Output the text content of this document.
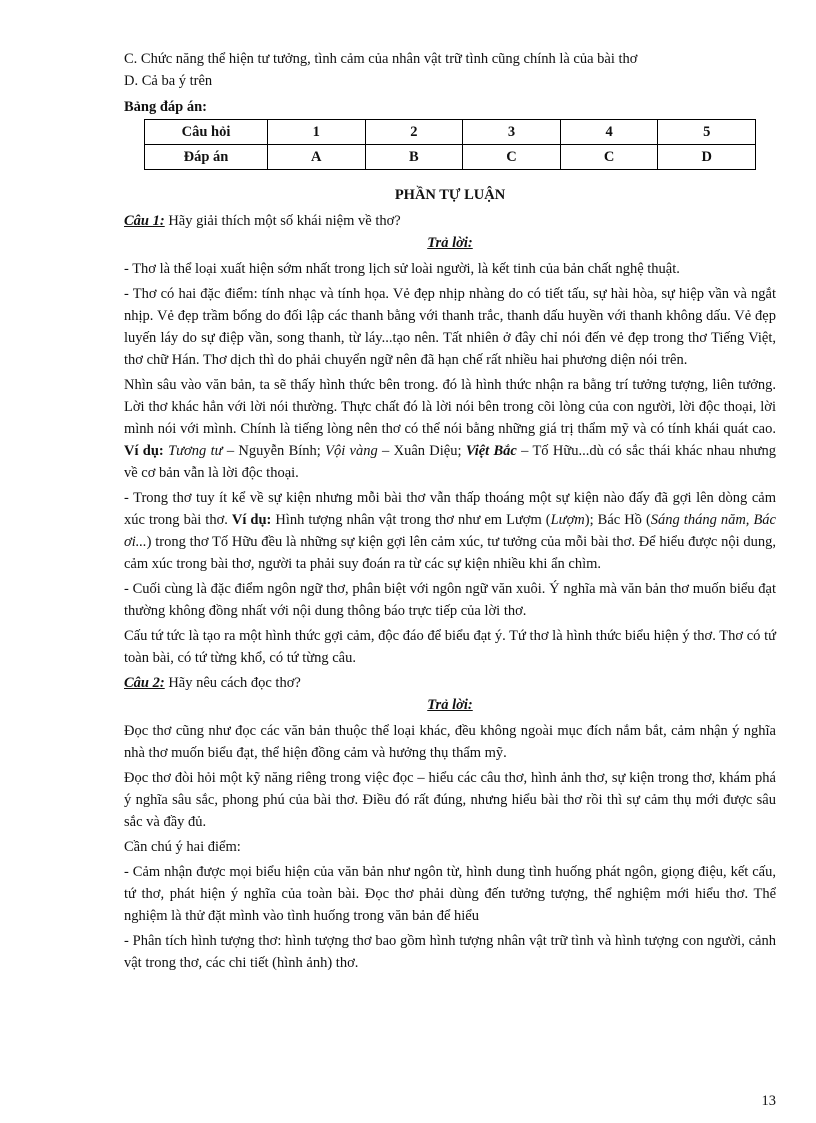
C. Chức năng thể hiện tư tưởng, tình cảm của nhân vật trữ tình cũng chính là của bài thơ

D. Cả ba ý trên

Bảng đáp án:

Câu hỏi	1	2	3	4	5
Đáp án	A	B	C	C	D
PHẦN TỰ LUẬN

Câu 1: Hãy giải thích một số khái niệm về thơ?

Trả lời:

- Thơ là thể loại xuất hiện sớm nhất trong lịch sử loài người, là kết tinh của bản chất nghệ thuật.

- Thơ có hai đặc điểm: tính nhạc và tính họa. Vẻ đẹp nhịp nhàng do có tiết tấu, sự hài hòa, sự hiệp vần và ngắt nhịp. Vẻ đẹp trầm bổng do đối lập các thanh bằng với thanh trắc, thanh dấu huyền với thanh không dấu. Vẻ đẹp luyến láy do sự điệp vần, song thanh, từ láy...tạo nên. Tất nhiên ở đây chỉ nói đến vẻ đẹp trong thơ Tiếng Việt, thơ chữ Hán. Thơ dịch thì do phải chuyển ngữ nên đã hạn chế rất nhiều hai phương diện nói trên.

Nhìn sâu vào văn bản, ta sẽ thấy hình thức bên trong. đó là hình thức nhận ra bằng trí tưởng tượng, liên tưởng. Lời thơ khác hẳn với lời nói thường. Thực chất đó là lời nói bên trong cõi lòng của con người, lời độc thoại, lời mình nói với mình. Chính là tiếng lòng nên thơ có thể nói bằng những giá trị thẩm mỹ và có tính khái quát cao. Ví dụ: Tương tư – Nguyễn Bính; Vội vàng – Xuân Diệu; Việt Bắc – Tố Hữu...dù có sắc thái khác nhau nhưng về cơ bản vẫn là lời độc thoại.

- Trong thơ tuy ít kể về sự kiện nhưng mỗi bài thơ vẫn thấp thoáng một sự kiện nào đấy đã gợi lên dòng cảm xúc trong bài thơ. Ví dụ: Hình tượng nhân vật trong thơ như em Lượm (Lượm); Bác Hồ (Sáng tháng năm, Bác ơi...) trong thơ Tố Hữu đều là những sự kiện gợi lên cảm xúc, tư tưởng của mỗi bài thơ. Để hiểu được nội dung, cảm xúc trong bài thơ, người ta phải suy đoán ra từ các sự kiện nhiều khi ẩn chìm.

- Cuối cùng là đặc điểm ngôn ngữ thơ, phân biệt với ngôn ngữ văn xuôi. Ý nghĩa mà văn bản thơ muốn biểu đạt thường không đồng nhất với nội dung thông báo trực tiếp của lời thơ.

Cấu tứ tức là tạo ra một hình thức gợi cảm, độc đáo để biểu đạt ý. Tứ thơ là hình thức biểu hiện ý thơ. Thơ có tứ toàn bài, có tứ từng khổ, có tứ từng câu.

Câu 2: Hãy nêu cách đọc thơ?

Trả lời:

Đọc thơ cũng như đọc các văn bản thuộc thể loại khác, đều không ngoài mục đích nắm bắt, cảm nhận ý nghĩa nhà thơ muốn biểu đạt, thể hiện đồng cảm và hưởng thụ thẩm mỹ.

Đọc thơ đòi hỏi một kỹ năng riêng trong việc đọc – hiểu các câu thơ, hình ảnh thơ, sự kiện trong thơ, khám phá ý nghĩa sâu sắc, phong phú của bài thơ. Điều đó rất đúng, nhưng hiểu bài thơ rồi thì sự cảm thụ mới được sâu sắc và đầy đủ.

Cần chú ý hai điểm:

- Cảm nhận được mọi biểu hiện của văn bản như ngôn từ, hình dung tình huống phát ngôn, giọng điệu, kết cấu, tứ thơ, phát hiện ý nghĩa của toàn bài. Đọc thơ phải dùng đến tưởng tượng, thể nghiệm mới hiểu thơ. Thể nghiệm là thử đặt mình vào tình huống trong văn bản để hiểu

- Phân tích hình tượng thơ: hình tượng thơ bao gồm hình tượng nhân vật trữ tình và hình tượng con người, cảnh vật trong thơ, các chi tiết (hình ảnh) thơ.

13
